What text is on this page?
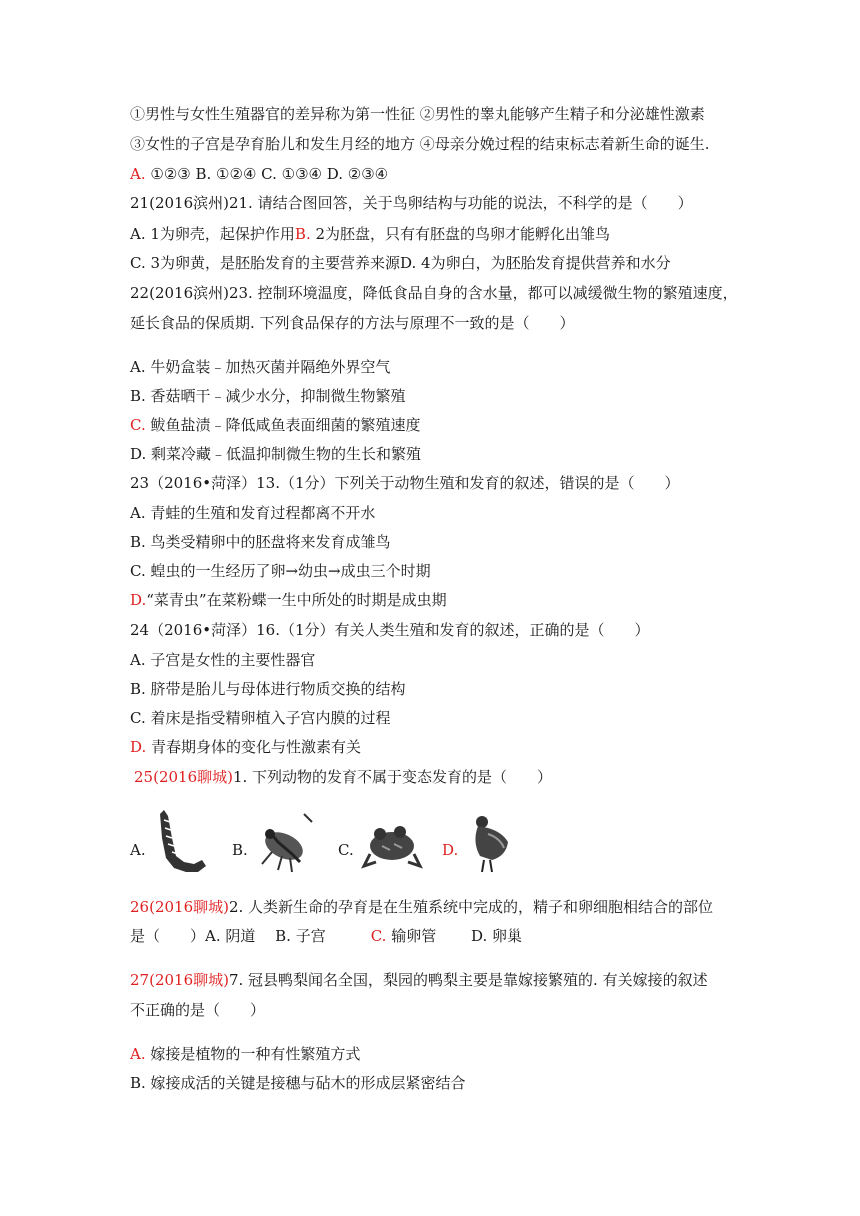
①男性与女性生殖器官的差异称为第一性征 ②男性的睾丸能够产生精子和分泌雄性激素
③女性的子宫是孕育胎儿和发生月经的地方 ④母亲分娩过程的结束标志着新生命的诞生.
A. ①②③ B. ①②④ C. ①③④ D. ②③④
21(2016滨州)21. 请结合图回答，关于鸟卵结构与功能的说法，不科学的是（　　）
A. 1为卵壳，起保护作用B. 2为胚盘，只有有胚盘的鸟卵才能孵化出雏鸟
C. 3为卵黄，是胚胎发育的主要营养来源D. 4为卵白，为胚胎发育提供营养和水分
22(2016滨州)23. 控制环境温度，降低食品自身的含水量，都可以减缓微生物的繁殖速度，
延长食品的保质期. 下列食品保存的方法与原理不一致的是（　　）
A. 牛奶盒装﹣加热灭菌并隔绝外界空气
B. 香菇晒干﹣减少水分，抑制微生物繁殖
C. 鲅鱼盐渍﹣降低咸鱼表面细菌的繁殖速度
D. 剩菜冷藏﹣低温抑制微生物的生长和繁殖
23（2016•菏泽）13.（1分）下列关于动物生殖和发育的叙述，错误的是（　　）
A. 青蛙的生殖和发育过程都离不开水
B. 鸟类受精卵中的胚盘将来发育成雏鸟
C. 蝗虫的一生经历了卵→幼虫→成虫三个时期
D.“菜青虫”在菜粉蝶一生中所处的时期是成虫期
24（2016•菏泽）16.（1分）有关人类生殖和发育的叙述，正确的是（　　）
A. 子宫是女性的主要性器官
B. 脐带是胎儿与母体进行物质交换的结构
C. 着床是指受精卵植入子宫内膜的过程
D. 青春期身体的变化与性激素有关
25(2016聊城)1. 下列动物的发育不属于变态发育的是（　　）
A.	B.	C.	D.
26(2016聊城)2. 人类新生命的孕育是在生殖系统中完成的，精子和卵细胞相结合的部位
是（　　）A. 阴道　 B. 子宫　　　C. 输卵管　　 D. 卵巢
27(2016聊城)7. 冠县鸭梨闻名全国，梨园的鸭梨主要是靠嫁接繁殖的. 有关嫁接的叙述
不正确的是（　　）
A. 嫁接是植物的一种有性繁殖方式
B. 嫁接成活的关键是接穗与砧木的形成层紧密结合
